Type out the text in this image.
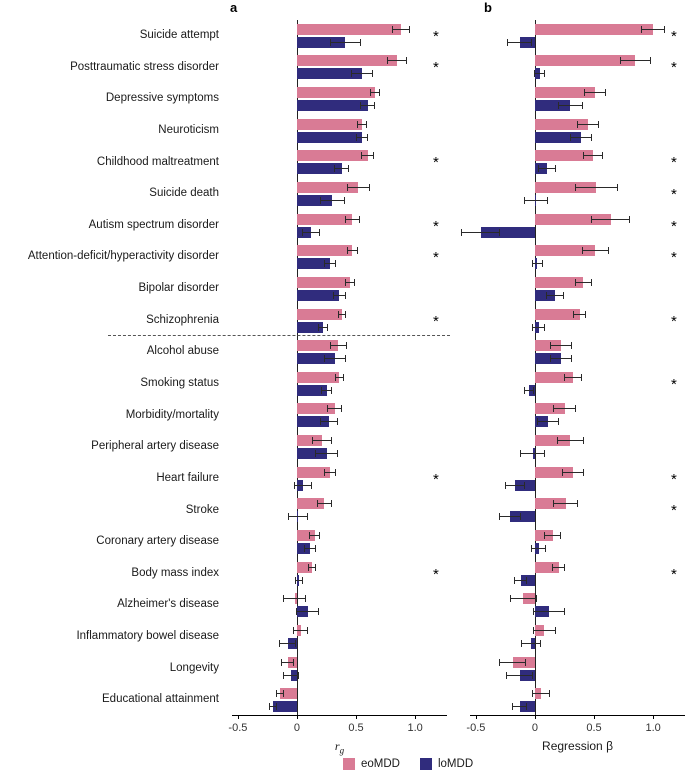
a	b
Suicide attempt
Posttraumatic stress disorder
Depressive symptoms
Neuroticism
Childhood maltreatment
Suicide death
Autism spectrum disorder
Attention-deficit/hyperactivity disorder
Bipolar disorder
Schizophrenia
Alcohol abuse
Smoking status
Morbidity/mortality
Peripheral artery disease
Heart failure
Stroke
Coronary artery disease
Body mass index
Alzheimer's disease
Inflammatory bowel disease
Longevity
Educational attainment
*
*
*
*
*
*
*
*
-0.5	0	0.5	1.0
*
*
*
*
*
*
*
*
*
*
*
-0.5	0	0.5	1.0
$r_g$	Regression β
eoMDD	loMDD
